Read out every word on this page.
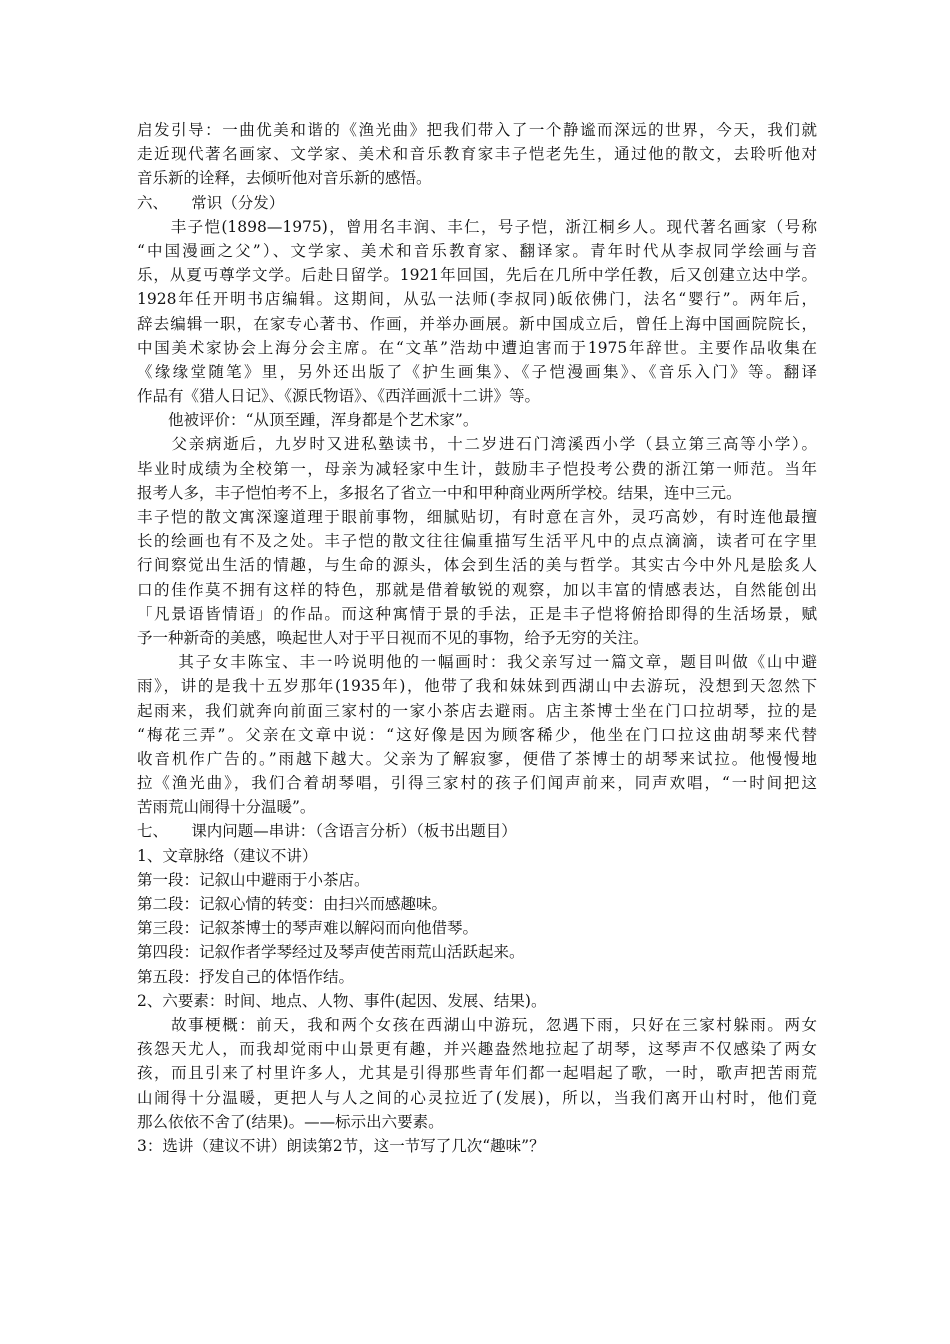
启发引导：一曲优美和谐的《渔光曲》把我们带入了一个静谧而深远的世界，今天，我们就
走近现代著名画家、文学家、美术和音乐教育家丰子恺老先生，通过他的散文，去聆听他对
音乐新的诠释，去倾听他对音乐新的感悟。
六、　　常识（分发）
　　丰子恺(1898—1975)，曾用名丰润、丰仁，号子恺，浙江桐乡人。现代著名画家（号称
“中国漫画之父”）、文学家、美术和音乐教育家、翻译家。青年时代从李叔同学绘画与音
乐，从夏丏尊学文学。后赴日留学。1921年回国，先后在几所中学任教，后又创建立达中学。
1928年任开明书店编辑。这期间，从弘一法师(李叔同)皈依佛门，法名“婴行”。两年后，
辞去编辑一职，在家专心著书、作画，并举办画展。新中国成立后，曾任上海中国画院院长，
中国美术家协会上海分会主席。在“文革”浩劫中遭迫害而于1975年辞世。主要作品收集在
《缘缘堂随笔》里，另外还出版了《护生画集》、《子恺漫画集》、《音乐入门》等。翻译
作品有《猎人日记》、《源氏物语》、《西洋画派十二讲》等。
　　他被评价：“从顶至踵，浑身都是个艺术家”。
　　父亲病逝后，九岁时又进私塾读书，十二岁进石门湾溪西小学（县立第三高等小学）。
毕业时成绩为全校第一，母亲为减轻家中生计，鼓励丰子恺投考公费的浙江第一师范。当年
报考人多，丰子恺怕考不上，多报名了省立一中和甲种商业两所学校。结果，连中三元。
丰子恺的散文寓深邃道理于眼前事物，细腻贴切，有时意在言外，灵巧高妙，有时连他最擅
长的绘画也有不及之处。丰子恺的散文往往偏重描写生活平凡中的点点滴滴，读者可在字里
行间察觉出生活的情趣，与生命的源头，体会到生活的美与哲学。其实古今中外凡是脍炙人
口的佳作莫不拥有这样的特色，那就是借着敏锐的观察，加以丰富的情感表达，自然能创出
「凡景语皆情语」的作品。而这种寓情于景的手法，正是丰子恺将俯拾即得的生活场景，赋
予一种新奇的美感，唤起世人对于平日视而不见的事物，给予无穷的关注。
　　 其子女丰陈宝、丰一吟说明他的一幅画时：我父亲写过一篇文章，题目叫做《山中避
雨》，讲的是我十五岁那年(1935年)，他带了我和妹妹到西湖山中去游玩，没想到天忽然下
起雨来，我们就奔向前面三家村的一家小茶店去避雨。店主茶博士坐在门口拉胡琴，拉的是
“梅花三弄”。父亲在文章中说：“这好像是因为顾客稀少，他坐在门口拉这曲胡琴来代替
收音机作广告的。”雨越下越大。父亲为了解寂寥，便借了茶博士的胡琴来试拉。他慢慢地
拉《渔光曲》，我们合着胡琴唱，引得三家村的孩子们闻声前来，同声欢唱，“一时间把这
苦雨荒山闹得十分温暖”。
七、　　课内问题—串讲：（含语言分析）（板书出题目）
1、文章脉络（建议不讲）
第一段：记叙山中避雨于小茶店。
第二段：记叙心情的转变：由扫兴而感趣味。
第三段：记叙茶博士的琴声难以解闷而向他借琴。
第四段：记叙作者学琴经过及琴声使苦雨荒山活跃起来。
第五段：抒发自己的体悟作结。
2、六要素：时间、地点、人物、事件(起因、发展、结果)。
　　故事梗概：前天，我和两个女孩在西湖山中游玩，忽遇下雨，只好在三家村躲雨。两女
孩怨天尤人，而我却觉雨中山景更有趣，并兴趣盎然地拉起了胡琴，这琴声不仅感染了两女
孩，而且引来了村里许多人，尤其是引得那些青年们都一起唱起了歌，一时，歌声把苦雨荒
山闹得十分温暖，更把人与人之间的心灵拉近了(发展)，所以，当我们离开山村时，他们竟
那么依依不舍了(结果)。——标示出六要素。
3：选讲（建议不讲）朗读第2节，这一节写了几次“趣味”？
